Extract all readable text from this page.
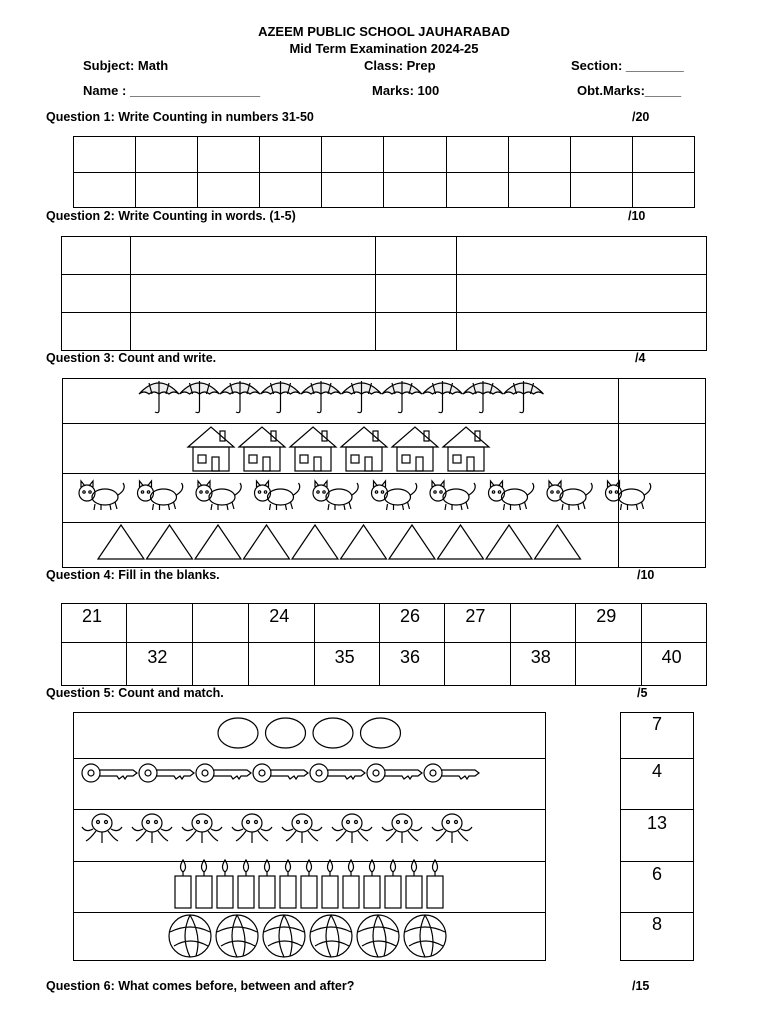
AZEEM PUBLIC SCHOOL JAUHARABAD
Mid Term Examination 2024-25
Subject: Math	Class: Prep	Section: ________
Name : __________________	Marks: 100	Obt.Marks:_____
Question 1: Write Counting in numbers 31-50	/20

Question 2: Write Counting in words. (1-5)	/10

Question 3: Count and write.	/4
Question 4: Fill in the blanks.	/10
21			24		26	27		29	
	32			35	36		38		40
Question 5: Count and match.	/5
7
4
13
6
8
Question 6: What comes before, between and after?	/15
